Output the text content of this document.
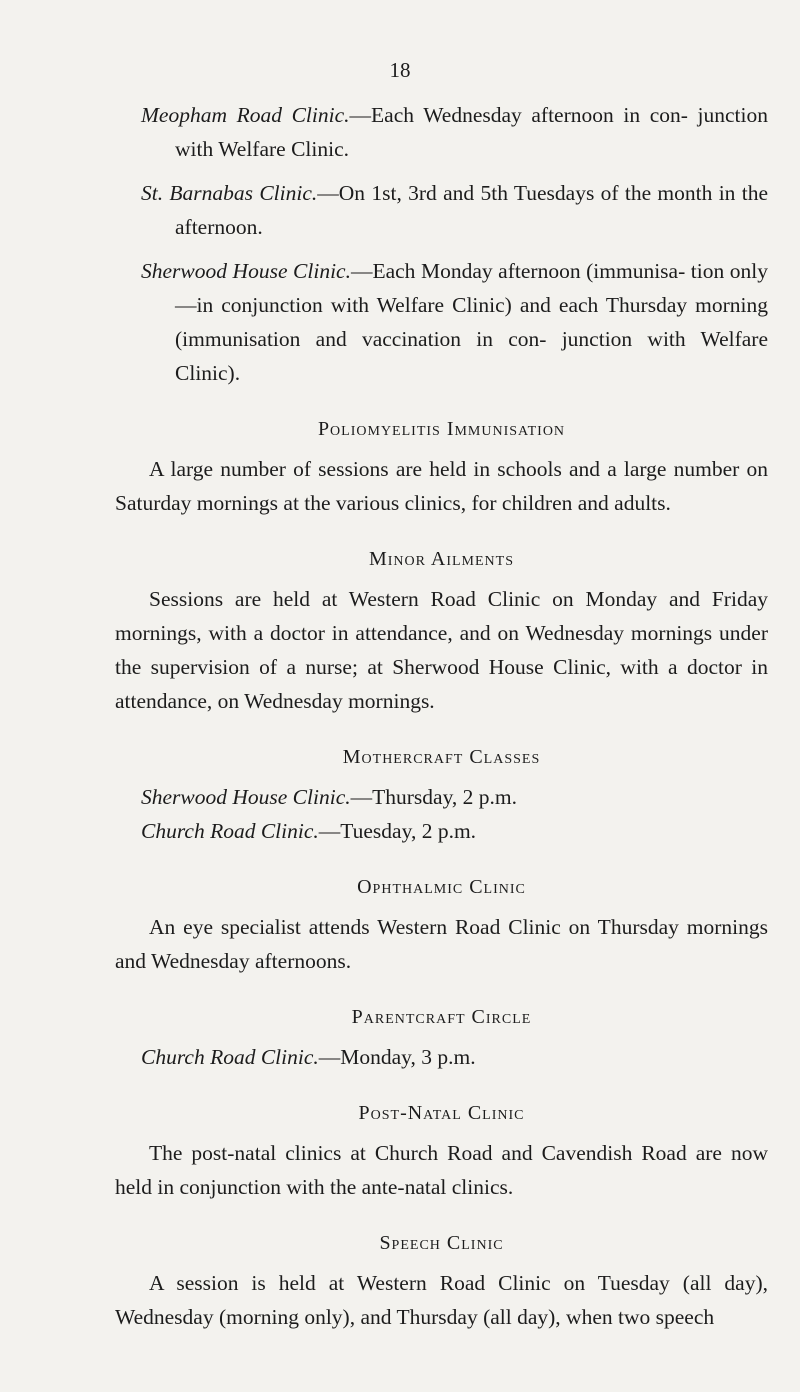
18

Meopham Road Clinic.—Each Wednesday afternoon in con- junction with Welfare Clinic.

St. Barnabas Clinic.—On 1st, 3rd and 5th Tuesdays of the month in the afternoon.

Sherwood House Clinic.—Each Monday afternoon (immunisa- tion only—in conjunction with Welfare Clinic) and each Thursday morning (immunisation and vaccination in con- junction with Welfare Clinic).

Poliomyelitis Immunisation

A large number of sessions are held in schools and a large number on Saturday mornings at the various clinics, for children and adults.

Minor Ailments

Sessions are held at Western Road Clinic on Monday and Friday mornings, with a doctor in attendance, and on Wednesday mornings under the supervision of a nurse; at Sherwood House Clinic, with a doctor in attendance, on Wednesday mornings.

Mothercraft Classes

Sherwood House Clinic.—Thursday, 2 p.m.

Church Road Clinic.—Tuesday, 2 p.m.

Ophthalmic Clinic

An eye specialist attends Western Road Clinic on Thursday mornings and Wednesday afternoons.

Parentcraft Circle

Church Road Clinic.—Monday, 3 p.m.

Post-Natal Clinic

The post-natal clinics at Church Road and Cavendish Road are now held in conjunction with the ante-natal clinics.

Speech Clinic

A session is held at Western Road Clinic on Tuesday (all day), Wednesday (morning only), and Thursday (all day), when two speech
